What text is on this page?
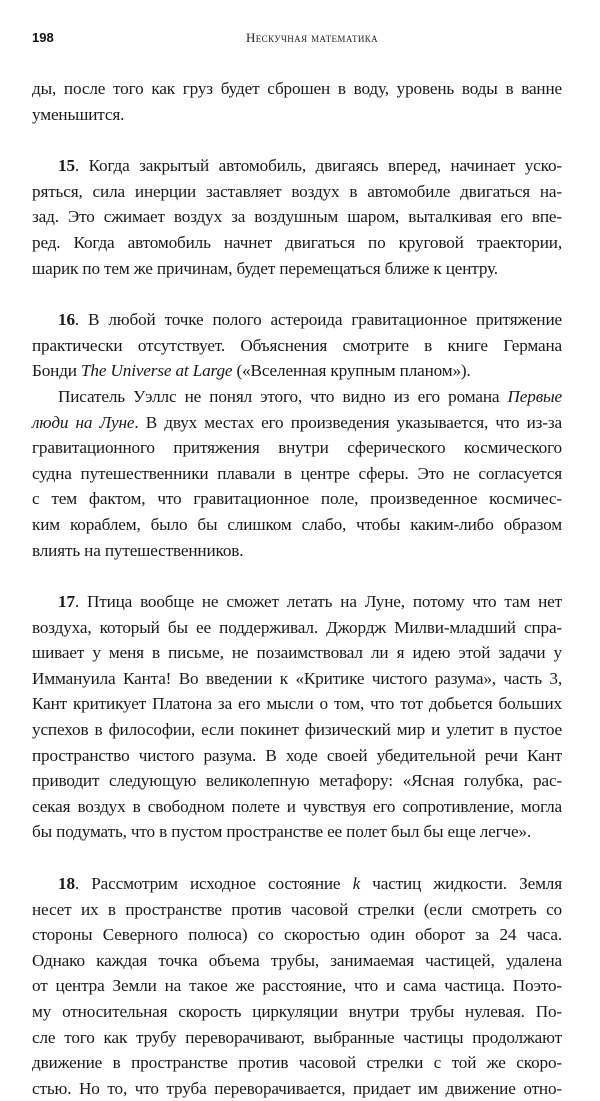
198	Нескучная математика
ды, после того как груз будет сброшен в воду, уровень воды в ванне
уменьшится.
15. Когда закрытый автомобиль, двигаясь вперед, начинает уско-
ряться, сила инерции заставляет воздух в автомобиле двигаться на-
зад. Это сжимает воздух за воздушным шаром, выталкивая его впе-
ред. Когда автомобиль начнет двигаться по круговой траектории,
шарик по тем же причинам, будет перемещаться ближе к центру.
16. В любой точке полого астероида гравитационное притяжение
практически отсутствует. Объяснения смотрите в книге Германа
Бонди The Universe at Large («Вселенная крупным планом»).
Писатель Уэллс не понял этого, что видно из его романа Первые
люди на Луне. В двух местах его произведения указывается, что из-за
гравитационного притяжения внутри сферического космического
судна путешественники плавали в центре сферы. Это не согласуется
с тем фактом, что гравитационное поле, произведенное космичес-
ким кораблем, было бы слишком слабо, чтобы каким-либо образом
влиять на путешественников.
17. Птица вообще не сможет летать на Луне, потому что там нет
воздуха, который бы ее поддерживал. Джордж Милви-младший спра-
шивает у меня в письме, не позаимствовал ли я идею этой задачи у
Иммануила Канта! Во введении к «Критике чистого разума», часть 3,
Кант критикует Платона за его мысли о том, что тот добьется больших
успехов в философии, если покинет физический мир и улетит в пустое
пространство чистого разума. В ходе своей убедительной речи Кант
приводит следующую великолепную метафору: «Ясная голубка, рас-
секая воздух в свободном полете и чувствуя его сопротивление, могла
бы подумать, что в пустом пространстве ее полет был бы еще легче».
18. Рассмотрим исходное состояние k частиц жидкости. Земля
несет их в пространстве против часовой стрелки (если смотреть со
стороны Северного полюса) со скоростью один оборот за 24 часа.
Однако каждая точка объема трубы, занимаемая частицей, удалена
от центра Земли на такое же расстояние, что и сама частица. Поэто-
му относительная скорость циркуляции внутри трубы нулевая. По-
сле того как трубу переворачивают, выбранные частицы продолжают
движение в пространстве против часовой стрелки с той же скоро-
стью. Но то, что труба переворачивается, придает им движение отно-
